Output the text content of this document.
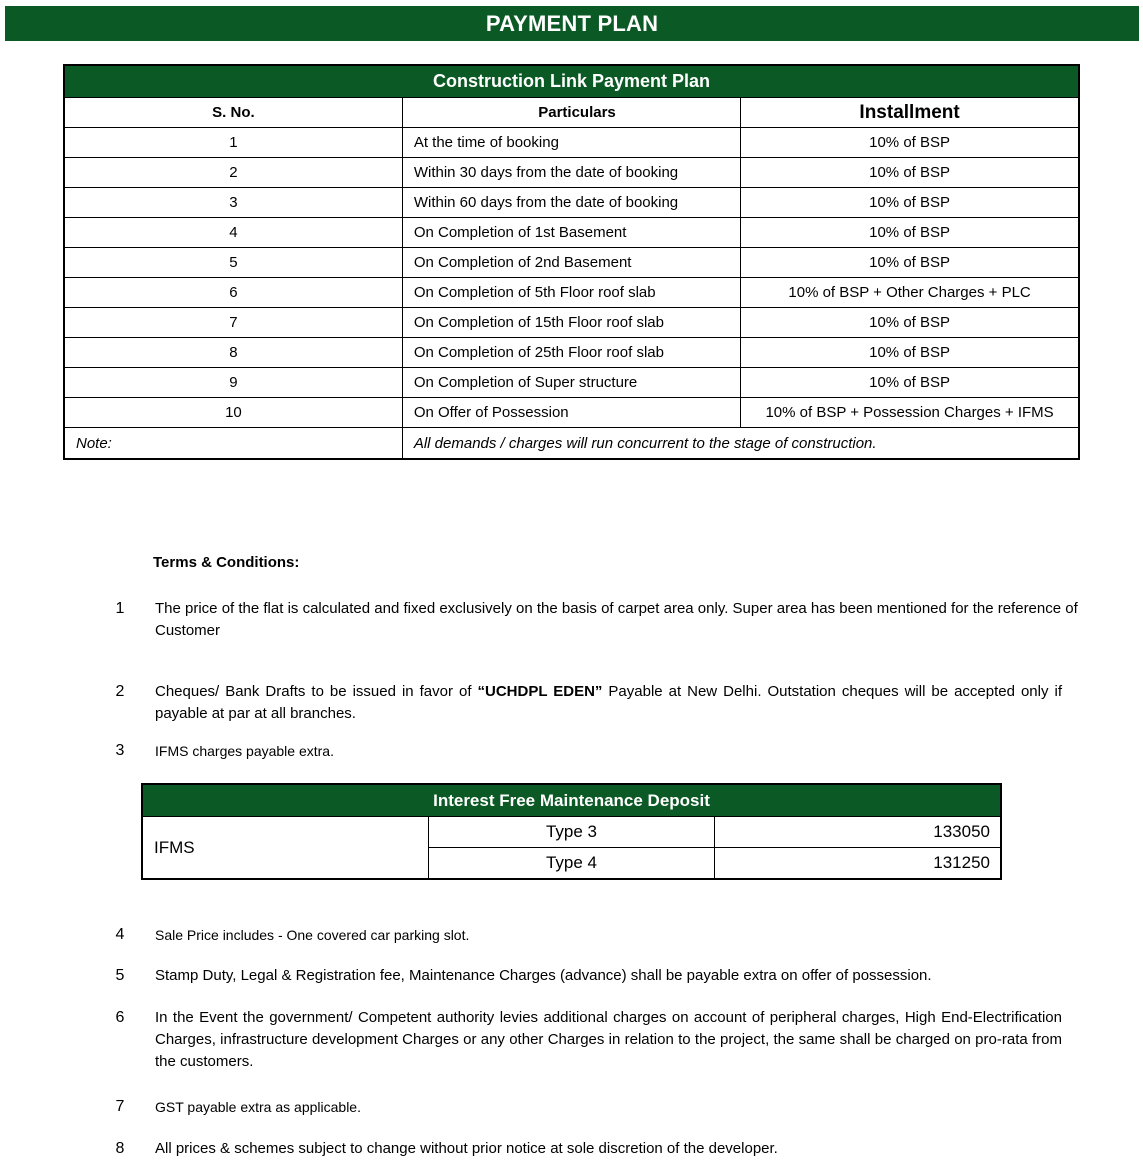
PAYMENT PLAN
Construction Link Payment Plan		
S. No.	Particulars	Installment
1	At the time of booking	10% of BSP
2	Within 30 days from the date of booking	10% of BSP
3	Within 60 days from the date of booking	10% of BSP
4	On Completion of 1st Basement	10% of BSP
5	On Completion of 2nd Basement	10% of BSP
6	On Completion of 5th Floor roof slab	10% of BSP + Other Charges + PLC
7	On Completion of 15th Floor roof slab	10% of BSP
8	On Completion of 25th Floor roof slab	10% of BSP
9	On Completion of Super structure	10% of BSP
10	On Offer of Possession	10% of BSP + Possession Charges + IFMS
Note:	All demands / charges will run concurrent to the stage of construction.	
Terms & Conditions:
1 The price of the flat is calculated and fixed exclusively on the basis of carpet area only. Super area has been mentioned for the reference of Customer
2 Cheques/ Bank Drafts to be issued in favor of “UCHDPL EDEN” Payable at New Delhi. Outstation cheques will be accepted only if payable at par at all branches.
3 IFMS charges payable extra.
Interest Free Maintenance Deposit		
IFMS	Type 3	133050
	Type 4	131250
4 Sale Price includes - One covered car parking slot.
5 Stamp Duty, Legal & Registration fee, Maintenance Charges (advance) shall be payable extra on offer of possession.
6 In the Event the government/ Competent authority levies additional charges on account of peripheral charges, High End-Electrification Charges, infrastructure development Charges or any other Charges in relation to the project, the same shall be charged on pro-rata from the customers.
7 GST payable extra as applicable.
8 All prices & schemes subject to change without prior notice at sole discretion of the developer.
